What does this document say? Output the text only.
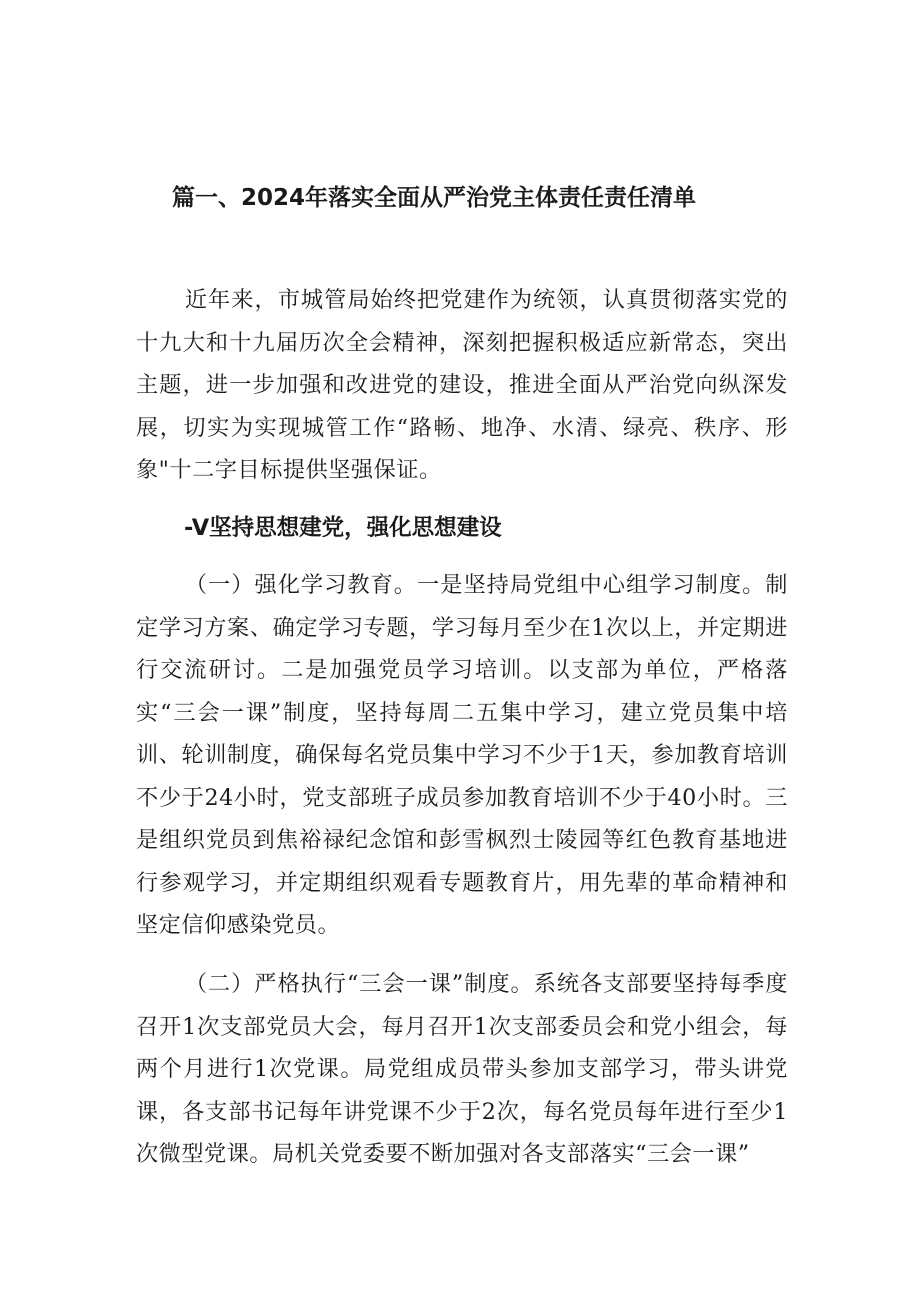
篇一、2024年落实全面从严治党主体责任责任清单

近年来，市城管局始终把党建作为统领，认真贯彻落实党的十九大和十九届历次全会精神，深刻把握积极适应新常态，突出主题，进一步加强和改进党的建设，推进全面从严治党向纵深发展，切实为实现城管工作“路畅、地净、水清、绿亮、秩序、形象"十二字目标提供坚强保证。

-V坚持思想建党，强化思想建设

（一）强化学习教育。一是坚持局党组中心组学习制度。制定学习方案、确定学习专题，学习每月至少在1次以上，并定期进行交流研讨。二是加强党员学习培训。以支部为单位，严格落实“三会一课”制度，坚持每周二五集中学习，建立党员集中培训、轮训制度，确保每名党员集中学习不少于1天，参加教育培训不少于24小时，党支部班子成员参加教育培训不少于40小时。三是组织党员到焦裕禄纪念馆和彭雪枫烈士陵园等红色教育基地进行参观学习，并定期组织观看专题教育片，用先辈的革命精神和坚定信仰感染党员。

（二）严格执行“三会一课”制度。系统各支部要坚持每季度召开1次支部党员大会，每月召开1次支部委员会和党小组会，每两个月进行1次党课。局党组成员带头参加支部学习，带头讲党课，各支部书记每年讲党课不少于2次，每名党员每年进行至少1次微型党课。局机关党委要不断加强对各支部落实“三会一课”
